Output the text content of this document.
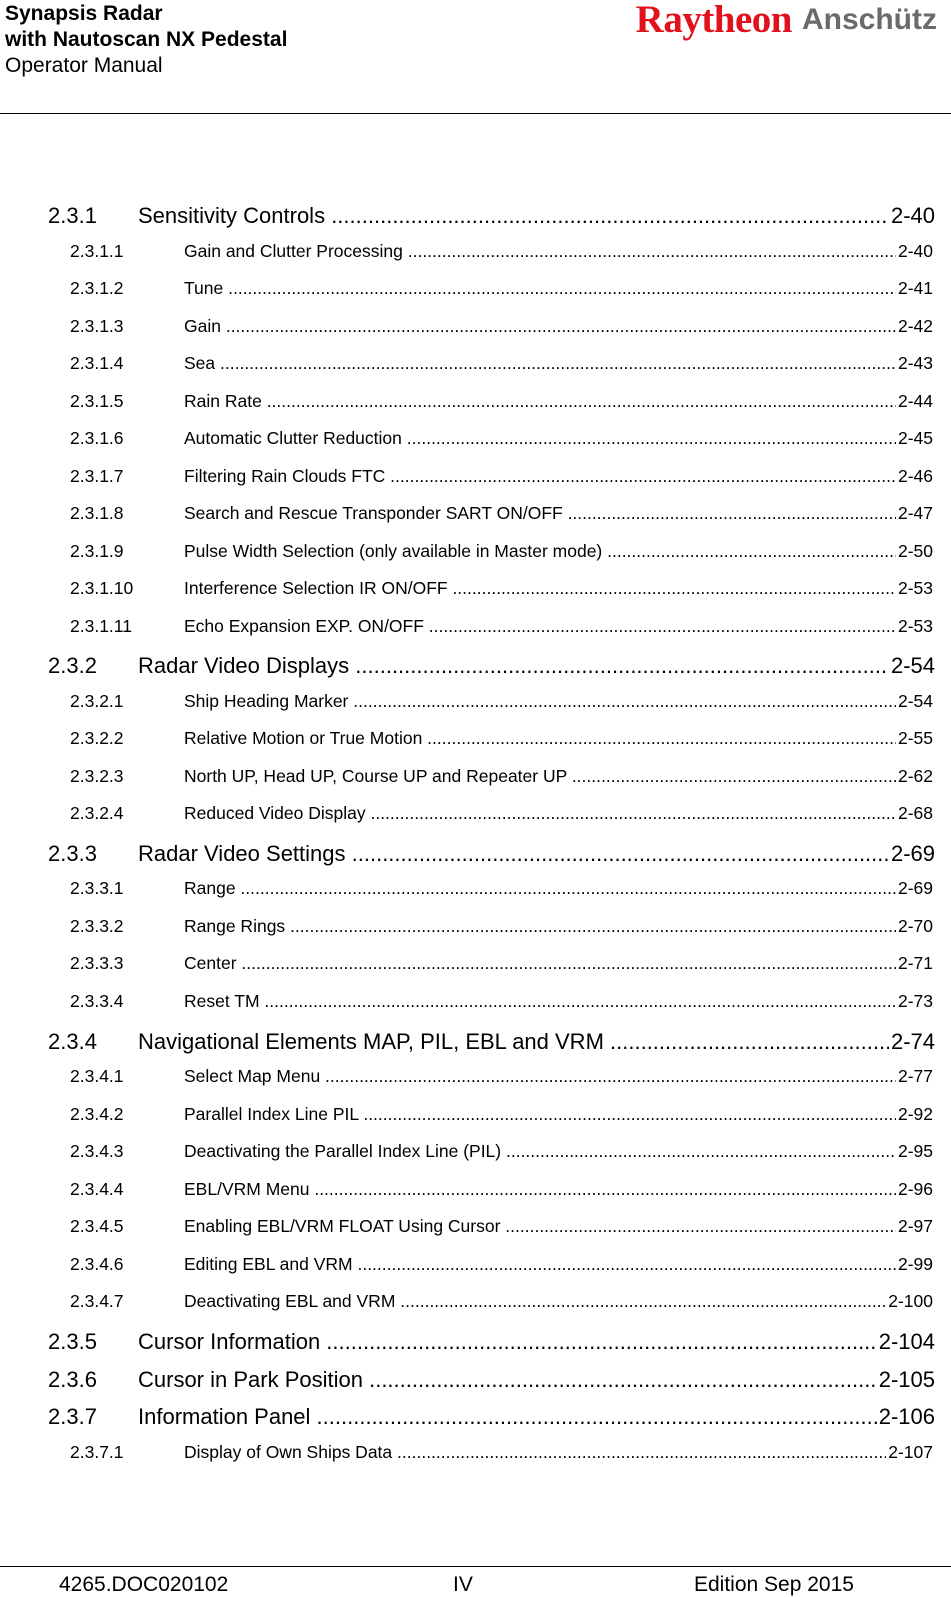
Synapsis Radar
with Nautoscan NX Pedestal
Operator Manual
Raytheon Anschütz
2.3.1	Sensitivity Controls .....	2-40
2.3.1.1	Gain and Clutter Processing .....	2-40
2.3.1.2	Tune .....	2-41
2.3.1.3	Gain .....	2-42
2.3.1.4	Sea .....	2-43
2.3.1.5	Rain Rate .....	2-44
2.3.1.6	Automatic Clutter Reduction .....	2-45
2.3.1.7	Filtering Rain Clouds FTC .....	2-46
2.3.1.8	Search and Rescue Transponder SART ON/OFF .....	2-47
2.3.1.9	Pulse Width Selection (only available in Master mode) .....	2-50
2.3.1.10	Interference Selection IR ON/OFF .....	2-53
2.3.1.11	Echo Expansion EXP. ON/OFF .....	2-53
2.3.2	Radar Video Displays .....	2-54
2.3.2.1	Ship Heading Marker .....	2-54
2.3.2.2	Relative Motion or True Motion .....	2-55
2.3.2.3	North UP, Head UP, Course UP and Repeater UP .....	2-62
2.3.2.4	Reduced Video Display .....	2-68
2.3.3	Radar Video Settings .....	2-69
2.3.3.1	Range .....	2-69
2.3.3.2	Range Rings .....	2-70
2.3.3.3	Center .....	2-71
2.3.3.4	Reset TM .....	2-73
2.3.4	Navigational Elements MAP, PIL, EBL and VRM .....	2-74
2.3.4.1	Select Map Menu .....	2-77
2.3.4.2	Parallel Index Line PIL .....	2-92
2.3.4.3	Deactivating the Parallel Index Line (PIL) .....	2-95
2.3.4.4	EBL/VRM Menu .....	2-96
2.3.4.5	Enabling EBL/VRM FLOAT Using Cursor .....	2-97
2.3.4.6	Editing EBL and VRM .....	2-99
2.3.4.7	Deactivating EBL and VRM .....	2-100
2.3.5	Cursor Information .....	2-104
2.3.6	Cursor in Park Position .....	2-105
2.3.7	Information Panel .....	2-106
2.3.7.1	Display of Own Ships Data .....	2-107
4265.DOC020102	IV	Edition Sep 2015
